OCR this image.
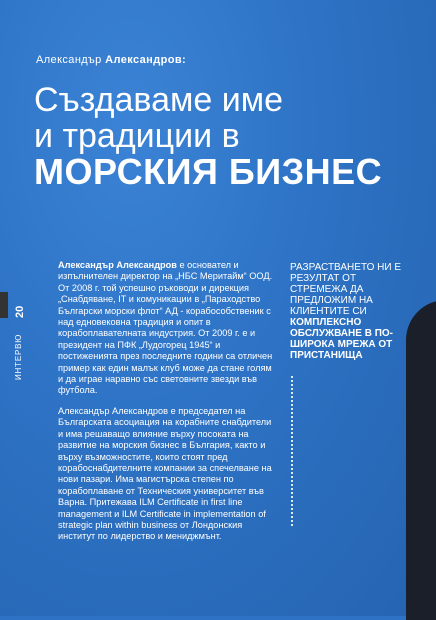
Александър Александров:
Създаваме име
и традиции в
МОРСКИЯ БИЗНЕС
20
ИНТЕРВЮ

Александър Александров е основател и изпълнителен директор на „НБС Меритайм“ ООД. От 2008 г. той успешно ръководи и дирекция „Снабдяване, IT и комуникации в „Параходство Български морски флот“ АД - корабособственик с над едновековна традиция и опит в корабоплавателната индустрия. От 2009 г. е и президент на ПФК „Лудогорец 1945“ и постиженията през последните години са отличен пример как един малък клуб може да стане голям и да играе наравно със световните звезди във футбола.

Александър Александров е председател на Българската асоциация на корабните снабдители и има решаващо влияние върху посоката на развитие на морския бизнес в България, както и върху възможностите, които стоят пред корабоснабдителните компании за спечелване на нови пазари. Има магистърска степен по корабоплаване от Техническия университет във Варна. Притежава ILM Certificate in first line management и ILM Certificate in implementation of strategic plan within business от Лондонския институт по лидерство и мениджмънт.

РАЗРАСТВАНЕТО НИ Е РЕЗУЛТАТ ОТ СТРЕМЕЖА ДА ПРЕДЛОЖИМ НА КЛИЕНТИТЕ СИ КОМПЛЕКСНО ОБСЛУЖВАНЕ В ПО-ШИРОКА МРЕЖА ОТ ПРИСТАНИЩА
